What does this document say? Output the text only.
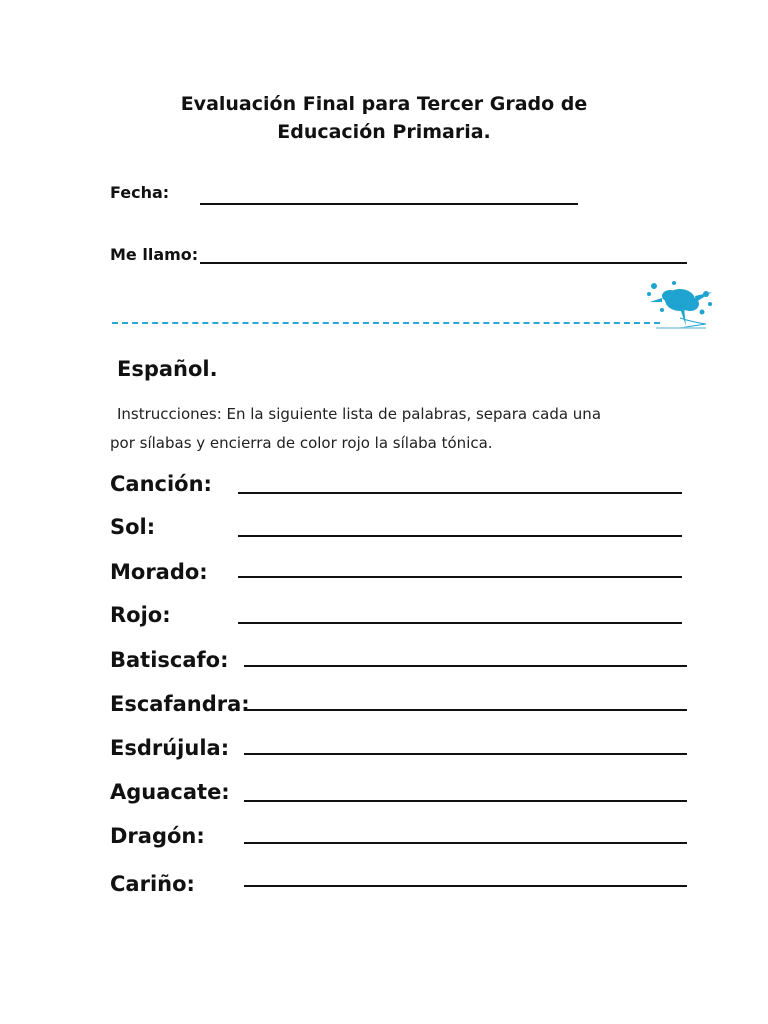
Evaluación Final para Tercer Grado de
Educación Primaria.
Fecha:
Me llamo:
Español.
Instrucciones: En la siguiente lista de palabras, separa cada una
por sílabas y encierra de color rojo la sílaba tónica.
Canción:
Sol:
Morado:
Rojo:
Batiscafo:
Escafandra:
Esdrújula:
Aguacate:
Dragón:
Cariño:
